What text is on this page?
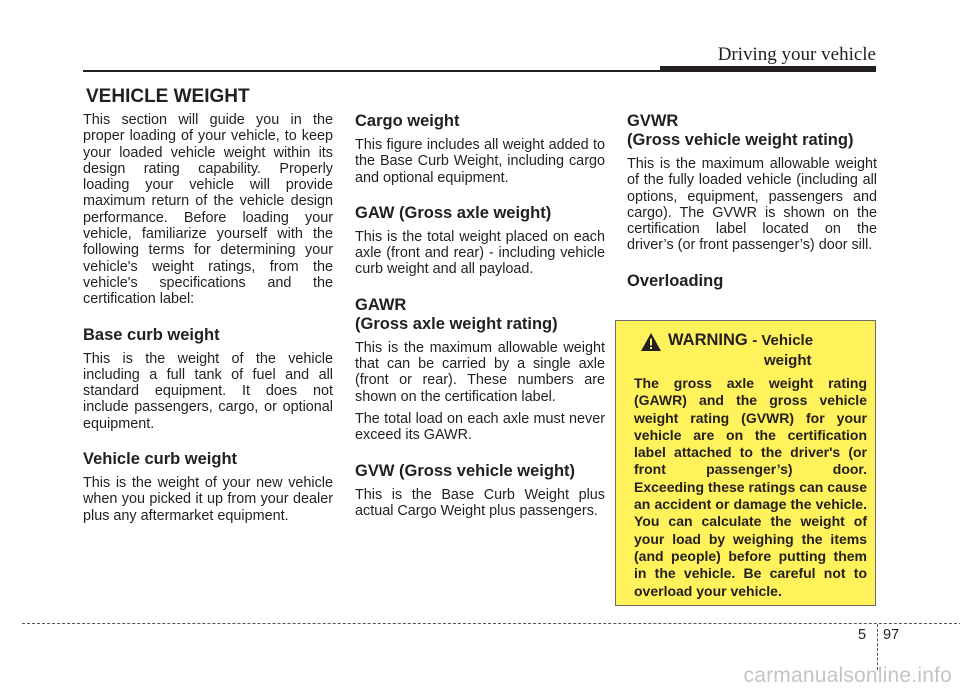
Driving your vehicle
VEHICLE WEIGHT

This section will guide you in the proper loading of your vehicle, to keep your loaded vehicle weight within its design rating capability. Properly loading your vehicle will provide maximum return of the vehicle design performance. Before loading your vehicle, familiarize yourself with the following terms for determining your vehicle's weight ratings, from the vehicle's specifications and the certification label:

Base curb weight

This is the weight of the vehicle including a full tank of fuel and all standard equipment. It does not include passengers, cargo, or optional equipment.

Vehicle curb weight

This is the weight of your new vehicle when you picked it up from your dealer plus any aftermarket equipment.

Cargo weight

This figure includes all weight added to the Base Curb Weight, including cargo and optional equipment.

GAW (Gross axle weight)

This is the total weight placed on each axle (front and rear) - including vehicle curb weight and all payload.

GAWR
(Gross axle weight rating)

This is the maximum allowable weight that can be carried by a single axle (front or rear). These numbers are shown on the certification label.

The total load on each axle must never exceed its GAWR.

GVW (Gross vehicle weight)

This is the Base Curb Weight plus actual Cargo Weight plus passengers.

GVWR
(Gross vehicle weight rating)

This is the maximum allowable weight of the fully loaded vehicle (including all options, equipment, passengers and cargo). The GVWR is shown on the certification label located on the driver’s (or front passenger’s) door sill.

Overloading
WARNING - Vehicle
weight

The gross axle weight rating (GAWR) and the gross vehicle weight rating (GVWR) for your vehicle are on the certification label attached to the driver's (or front passenger’s) door. Exceeding these ratings can cause an accident or damage the vehicle. You can calculate the weight of your load by weighing the items (and people) before putting them in the vehicle. Be careful not to overload your vehicle.

5 97
carmanualsonline.info
